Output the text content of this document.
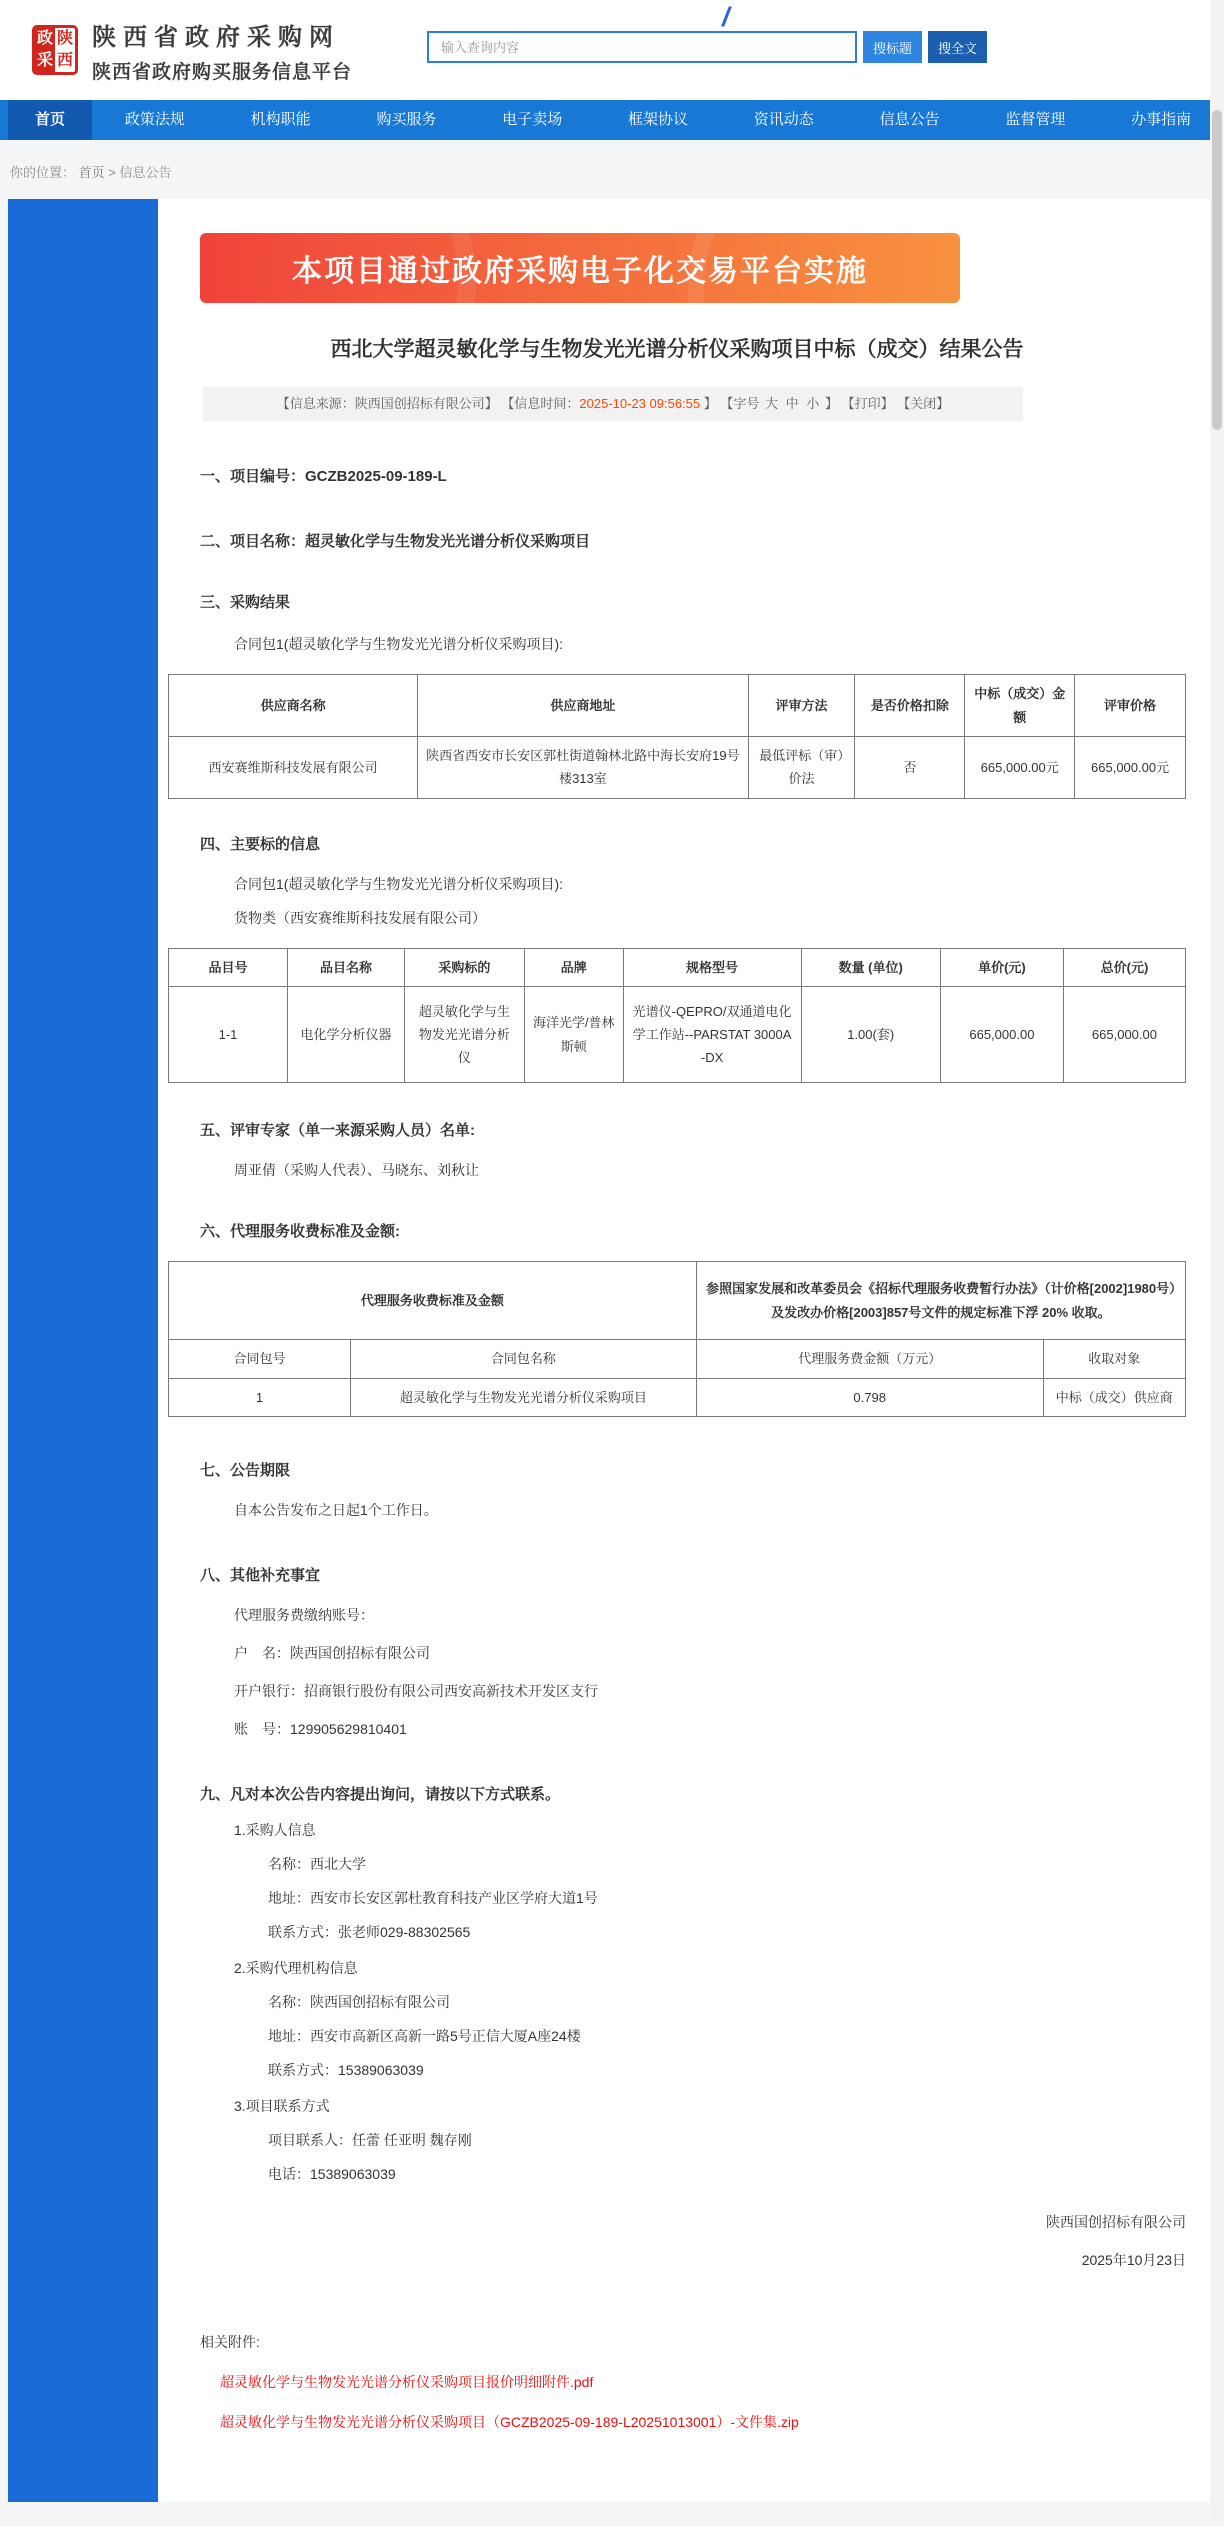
政 陕
采 西
陕西省政府采购网
陕西省政府购买服务信息平台
输入查询内容
搜标题	搜全文
/
首页	政策法规	机构职能	购买服务	电子卖场	框架协议	资讯动态	信息公告	监督管理	办事指南
你的位置： 首页 > 信息公告
本项目通过政府采购电子化交易平台实施
西北大学超灵敏化学与生物发光光谱分析仪采购项目中标（成交）结果公告
【信息来源：陕西国创招标有限公司】 【信息时间：2025-10-23 09:56:55 】 【字号 大 中 小 】 【打印】 【关闭】
一、项目编号：GCZB2025-09-189-L
二、项目名称：超灵敏化学与生物发光光谱分析仪采购项目
三、采购结果
合同包1(超灵敏化学与生物发光光谱分析仪采购项目):
供应商名称	供应商地址	评审方法	是否价格扣除	中标（成交）金额	评审价格
西安赛维斯科技发展有限公司	陕西省西安市长安区郭杜街道翰林北路中海长安府19号楼313室	最低评标（审）价法	否	665,000.00元	665,000.00元
四、主要标的信息
合同包1(超灵敏化学与生物发光光谱分析仪采购项目):
货物类（西安赛维斯科技发展有限公司）
品目号	品目名称	采购标的	品牌	规格型号	数量 (单位)	单价(元)	总价(元)
1-1	电化学分析仪器	超灵敏化学与生物发光光谱分析仪	海洋光学/普林斯顿	光谱仪-QEPRO/双通道电化学工作站--PARSTAT 3000A-DX	1.00(套)	665,000.00	665,000.00
五、评审专家（单一来源采购人员）名单:
周亚倩（采购人代表）、马晓东、刘秋让
六、代理服务收费标准及金额:
代理服务收费标准及金额		参照国家发展和改革委员会《招标代理服务收费暂行办法》（计价格[2002]1980号）及发改办价格[2003]857号文件的规定标准下浮 20% 收取。	
合同包号	合同包名称	代理服务费金额（万元）	收取对象
1	超灵敏化学与生物发光光谱分析仪采购项目	0.798	中标（成交）供应商
七、公告期限
自本公告发布之日起1个工作日。
八、其他补充事宜
代理服务费缴纳账号：
户　名：陕西国创招标有限公司
开户银行：招商银行股份有限公司西安高新技术开发区支行
账　号：129905629810401
九、凡对本次公告内容提出询问，请按以下方式联系。
1.采购人信息
名称：西北大学
地址：西安市长安区郭杜教育科技产业区学府大道1号
联系方式：张老师029-88302565
2.采购代理机构信息
名称：陕西国创招标有限公司
地址：西安市高新区高新一路5号正信大厦A座24楼
联系方式：15389063039
3.项目联系方式
项目联系人：任蕾 任亚明 魏存刚
电话：15389063039
陕西国创招标有限公司
2025年10月23日
相关附件:
超灵敏化学与生物发光光谱分析仪采购项目报价明细附件.pdf
超灵敏化学与生物发光光谱分析仪采购项目（GCZB2025-09-189-L20251013001）-文件集.zip
